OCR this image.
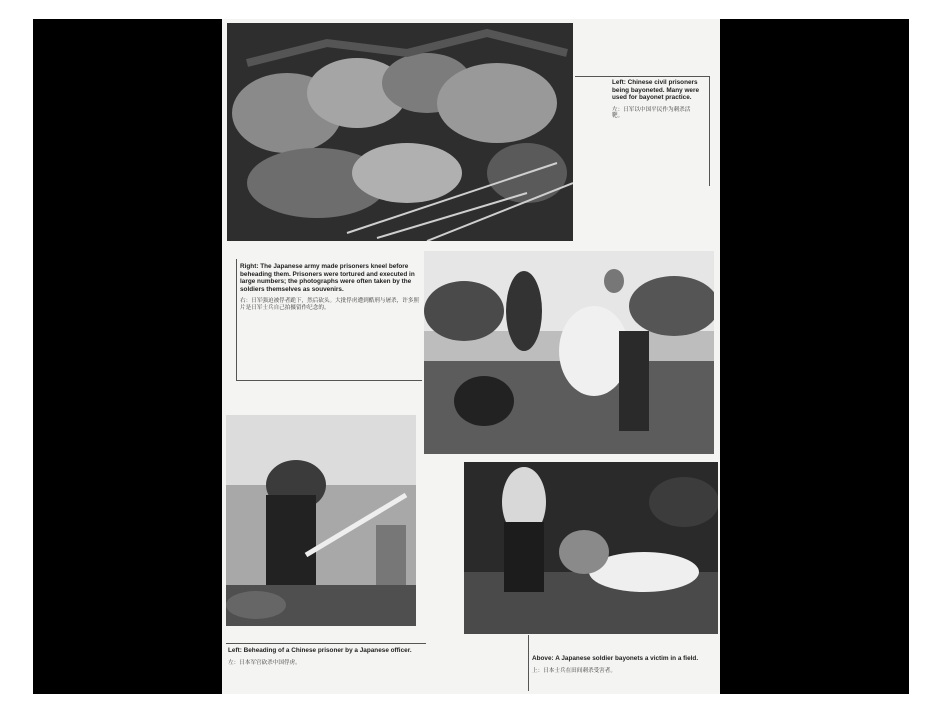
Left: Chinese civil prisoners being bayoneted. Many were used for bayonet practice.

左：日军以中国平民作为刺杀活靶。

Right: The Japanese army made prisoners kneel before beheading them. Prisoners were tortured and executed in large numbers; the photographs were often taken by the soldiers themselves as souvenirs.

右：日军强迫被俘者跪下，然后砍头。大批俘虏遭到酷刑与屠杀，许多照片是日军士兵自己拍摄留作纪念的。

Left: Beheading of a Chinese prisoner by a Japanese officer.

左：日本军官砍杀中国俘虏。

Above: A Japanese soldier bayonets a victim in a field.

上：日本士兵在田间刺杀受害者。
